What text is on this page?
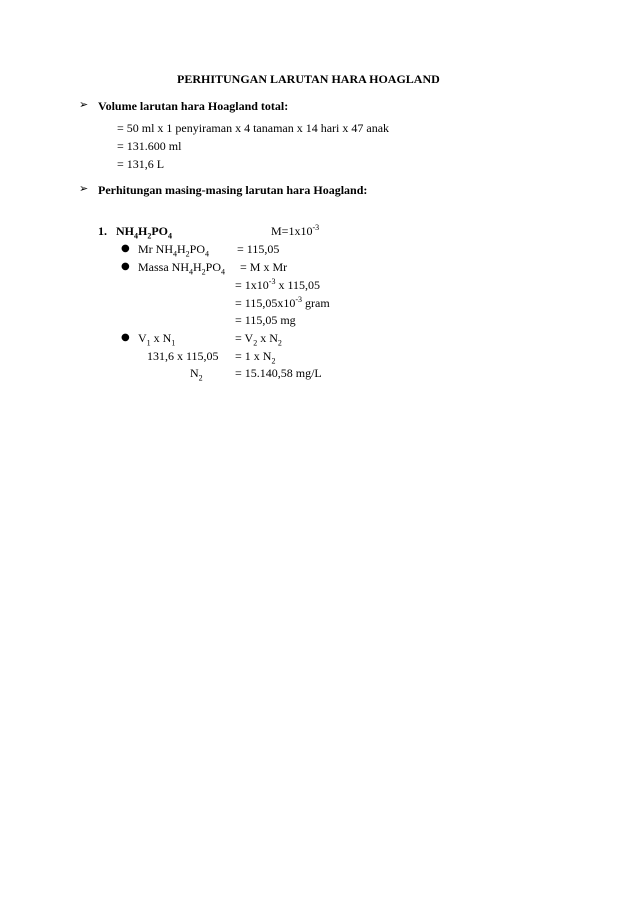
PERHITUNGAN LARUTAN HARA HOAGLAND
➢ Volume larutan hara Hoagland total:
= 50 ml x 1 penyiraman x 4 tanaman x 14 hari x 47 anak
= 131.600 ml
= 131,6 L
➢ Perhitungan masing-masing larutan hara Hoagland:
1. $NH_4H_2PO_4$	$M=1x10^{-3}$
● Mr $NH_4H_2PO_4 = 115,05$
● Massa $NH_4H_2PO_4 = M$ x Mr
= $1x10^{-3}$ x 115,05
= $115,05x10^{-3}$ gram
= 115,05 mg
● $V_1$ x $N_1$	= $V_2$ x $N_2$
131,6 x 115,05 = 1 x $N_2$
$N_2$	= 15.140,58 mg/L
